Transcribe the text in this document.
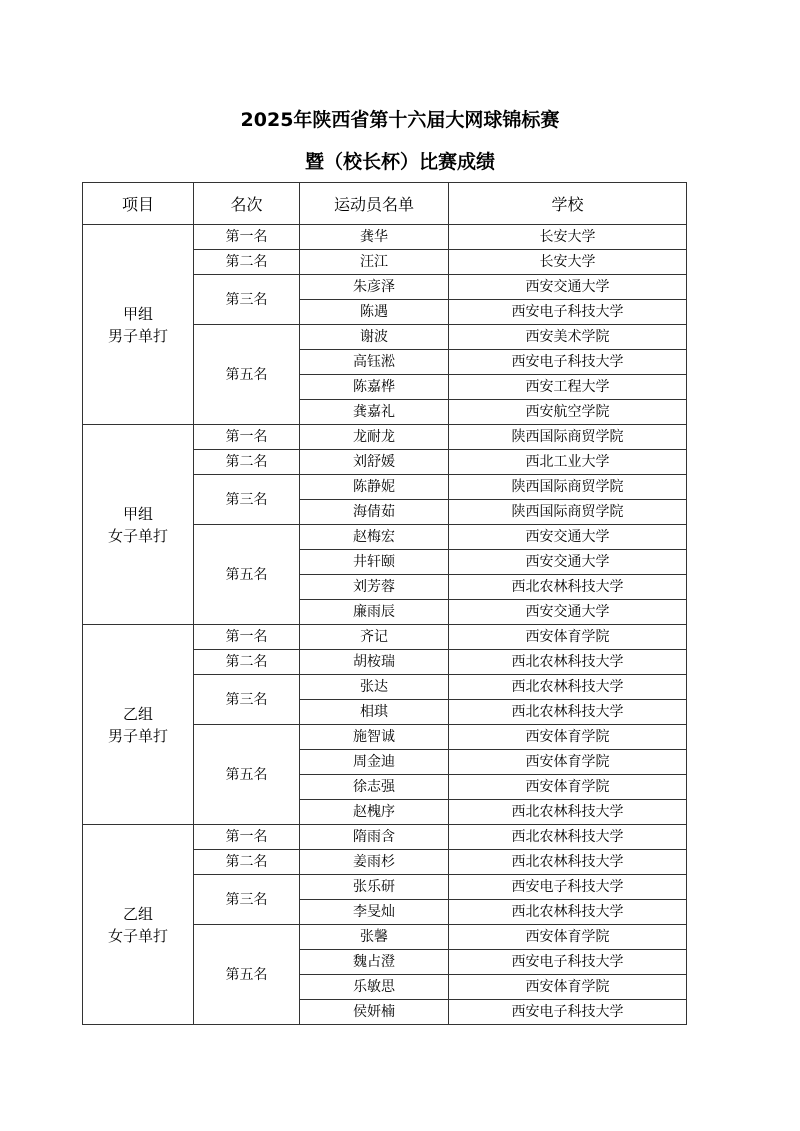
2025年陕西省第十六届大网球锦标赛
暨（校长杯）比赛成绩
项目	名次	运动员名单	学校

甲组
男子单打	第一名	龚华	长安大学
	第二名	汪江	长安大学
	第三名	朱彦泽	西安交通大学
		陈遇	西安电子科技大学
	第五名	谢波	西安美术学院
		高钰淞	西安电子科技大学
		陈嘉桦	西安工程大学
		龚嘉礼	西安航空学院

甲组
女子单打	第一名	龙耐龙	陕西国际商贸学院
	第二名	刘舒媛	西北工业大学
	第三名	陈静妮	陕西国际商贸学院
		海倩茹	陕西国际商贸学院
	第五名	赵梅宏	西安交通大学
		井轩颐	西安交通大学
		刘芳蓉	西北农林科技大学
		廉雨辰	西安交通大学

乙组
男子单打	第一名	齐记	西安体育学院
	第二名	胡桉瑞	西北农林科技大学
	第三名	张达	西北农林科技大学
		相琪	西北农林科技大学
	第五名	施智诚	西安体育学院
		周金迪	西安体育学院
		徐志强	西安体育学院
		赵槐序	西北农林科技大学

乙组
女子单打	第一名	隋雨含	西北农林科技大学
	第二名	姜雨杉	西北农林科技大学
	第三名	张乐研	西安电子科技大学
		李旻灿	西北农林科技大学
	第五名	张馨	西安体育学院
		魏占澄	西安电子科技大学
		乐敏思	西安体育学院
		侯妍楠	西安电子科技大学
